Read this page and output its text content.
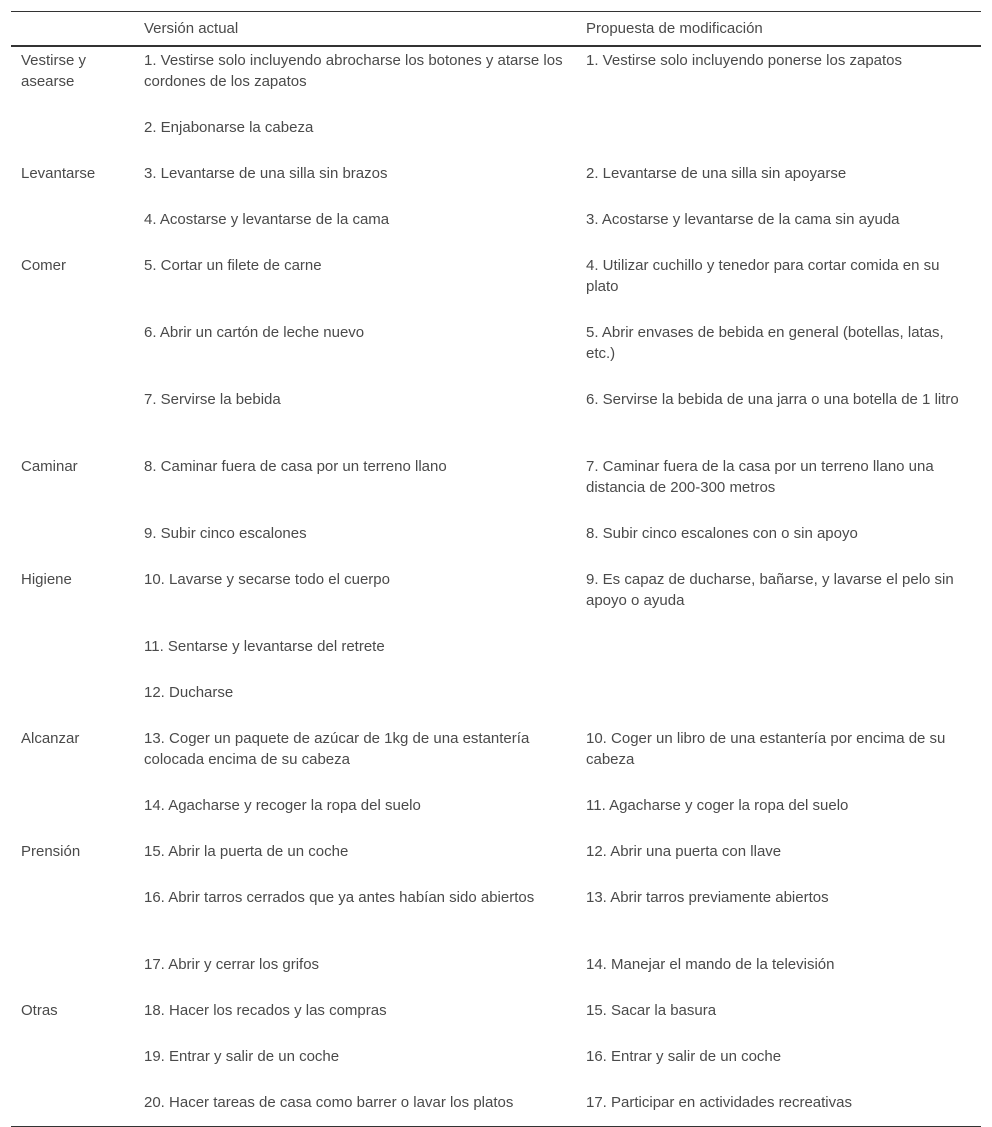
	Versión actual	Propuesta de modificación
Vestirse y asearse	1. Vestirse solo incluyendo abrocharse los botones y atarse los cordones de los zapatos	1. Vestirse solo incluyendo ponerse los zapatos
	2. Enjabonarse la cabeza	
Levantarse	3. Levantarse de una silla sin brazos	2. Levantarse de una silla sin apoyarse
	4. Acostarse y levantarse de la cama	3. Acostarse y levantarse de la cama sin ayuda
Comer	5. Cortar un filete de carne	4. Utilizar cuchillo y tenedor para cortar comida en su plato
	6. Abrir un cartón de leche nuevo	5. Abrir envases de bebida en general (botellas, latas, etc.)
	7. Servirse la bebida	6. Servirse la bebida de una jarra o una botella de 1 litro
Caminar	8. Caminar fuera de casa por un terreno llano	7. Caminar fuera de la casa por un terreno llano una distancia de 200-300 metros
	9. Subir cinco escalones	8. Subir cinco escalones con o sin apoyo
Higiene	10. Lavarse y secarse todo el cuerpo	9. Es capaz de ducharse, bañarse, y lavarse el pelo sin apoyo o ayuda
	11. Sentarse y levantarse del retrete	
	12. Ducharse	
Alcanzar	13. Coger un paquete de azúcar de 1kg de una estantería colocada encima de su cabeza	10. Coger un libro de una estantería por encima de su cabeza
	14. Agacharse y recoger la ropa del suelo	11. Agacharse y coger la ropa del suelo
Prensión	15. Abrir la puerta de un coche	12. Abrir una puerta con llave
	16. Abrir tarros cerrados que ya antes habían sido abiertos	13. Abrir tarros previamente abiertos
	17. Abrir y cerrar los grifos	14. Manejar el mando de la televisión
Otras	18. Hacer los recados y las compras	15. Sacar la basura
	19. Entrar y salir de un coche	16. Entrar y salir de un coche
	20. Hacer tareas de casa como barrer o lavar los platos	17. Participar en actividades recreativas
